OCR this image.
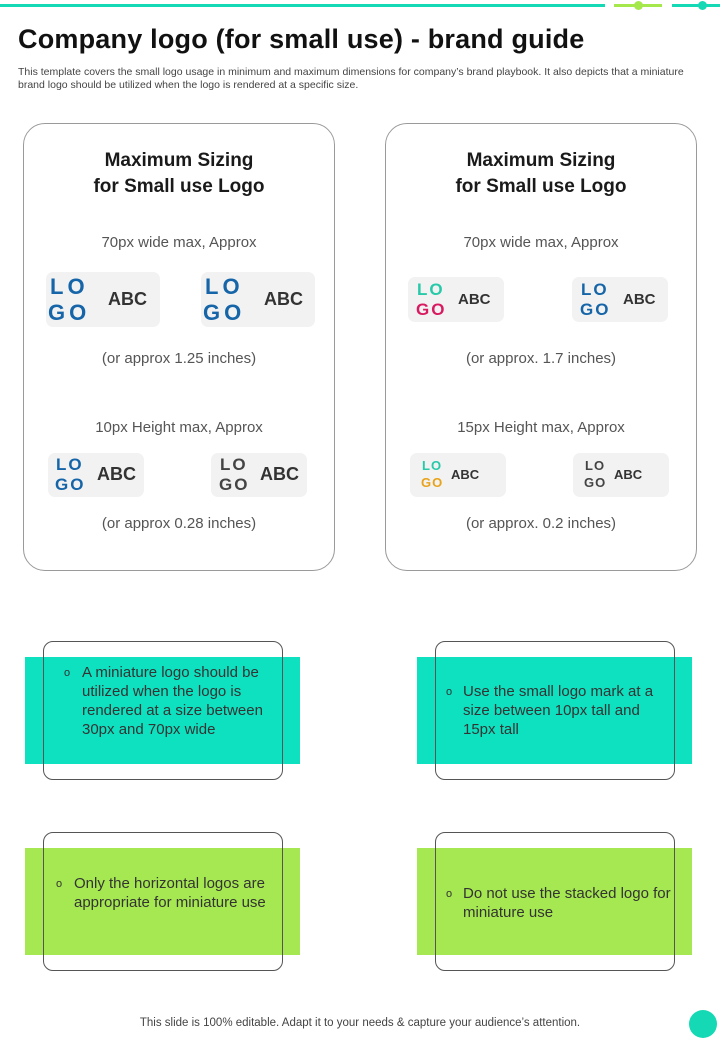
Company logo (for small use) - brand guide

This template covers the small logo usage in minimum and maximum dimensions for company’s brand playbook. It also depicts that a miniature brand logo should be utilized when the logo is rendered at a specific size.

Maximum Sizing
for Small use Logo
70px wide max, Approx
LO
GO
ABC	LO
GO
ABC
(or approx 1.25 inches)
10px Height max, Approx
LO
GO
ABC	LO
GO
ABC
(or approx 0.28 inches)
Maximum Sizing
for Small use Logo
70px wide max, Approx
LO
GO
ABC
LO
GO
ABC
(or approx. 1.7 inches)
15px Height max, Approx
LO
GO
ABC
LO
GO
ABC
(or approx. 0.2 inches)
o A miniature logo should be utilized when the logo is rendered at a size between 30px and 70px wide
o Use the small logo mark at a size between 10px tall and 15px tall
o Only the horizontal logos are appropriate for miniature use	o Do not use the stacked logo for miniature use
This slide is 100% editable. Adapt it to your needs & capture your audience’s attention.
